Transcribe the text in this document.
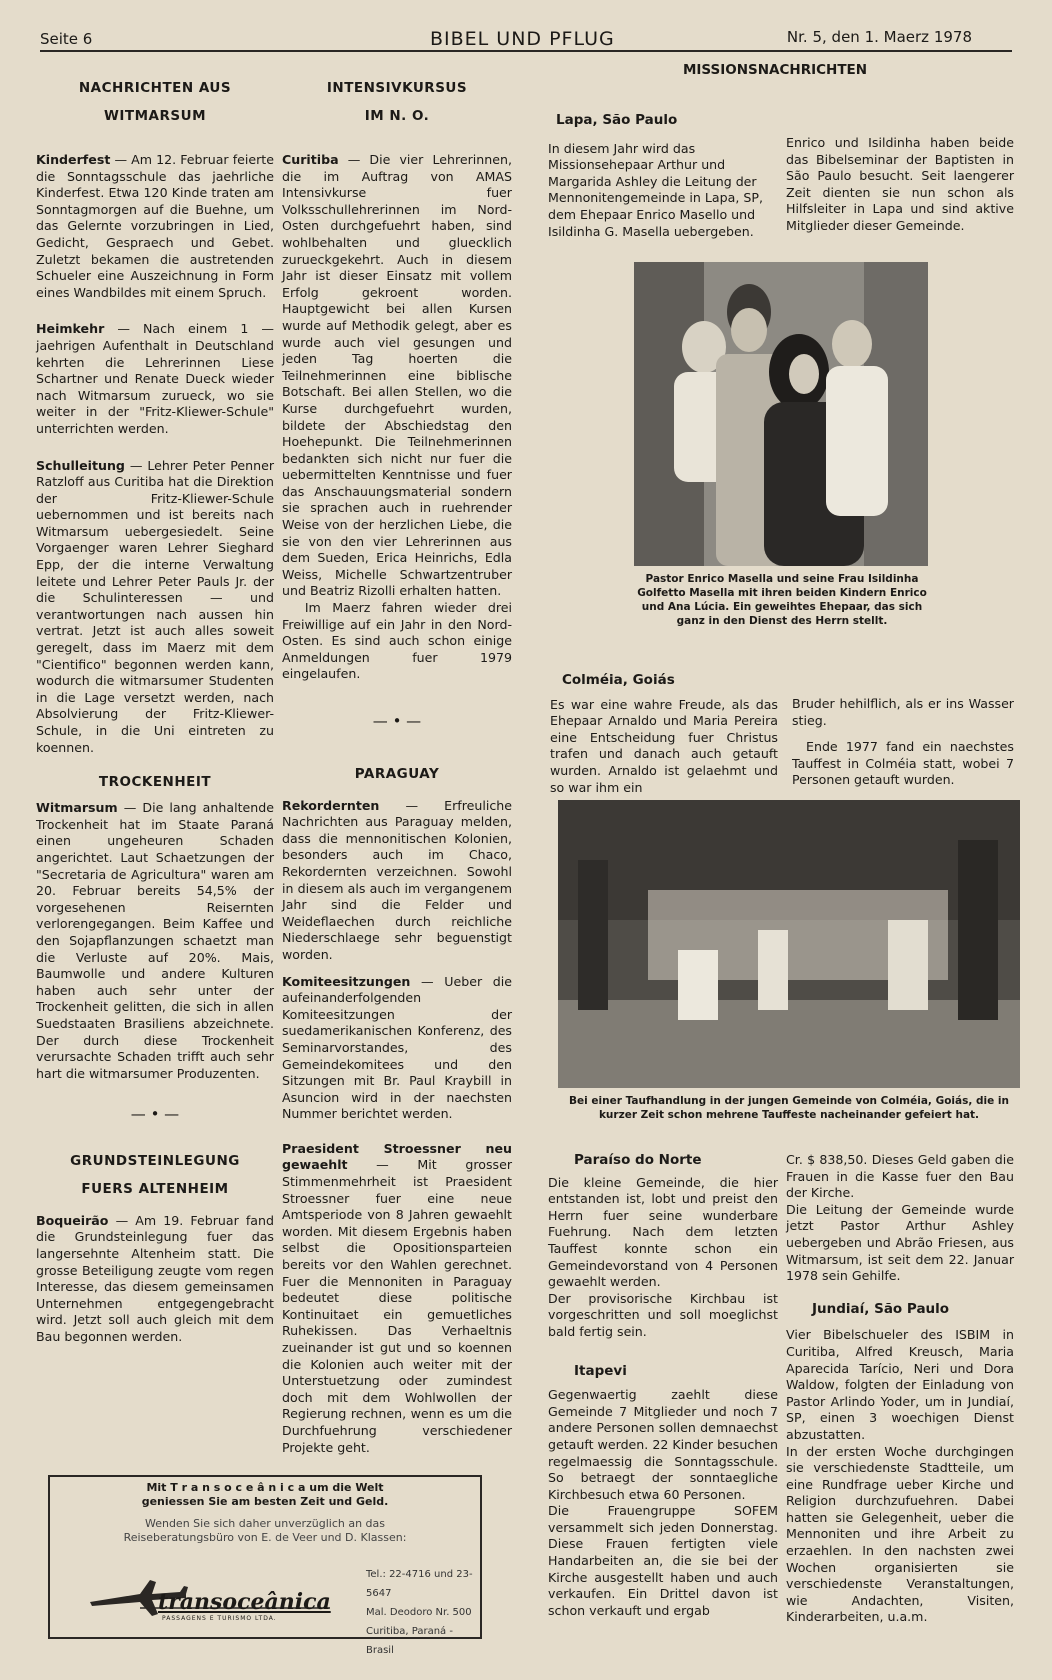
Seite 6	BIBEL UND PFLUG	Nr. 5, den 1. Maerz 1978
NACHRICHTEN AUS
WITMARSUM

Kinderfest — Am 12. Februar feierte die Sonntagsschule das jaehrliche Kinderfest. Etwa 120 Kinde traten am Sonntagmorgen auf die Buehne, um das Gelernte vorzubringen in Lied, Gedicht, Gespraech und Gebet. Zuletzt bekamen die austretenden Schueler eine Auszeichnung in Form eines Wandbildes mit einem Spruch.

Heimkehr — Nach einem 1 — jaehrigen Aufenthalt in Deutschland kehrten die Lehrerinnen Liese Schartner und Renate Dueck wieder nach Witmarsum zurueck, wo sie weiter in der "Fritz-Kliewer-Schule" unterrichten werden.

Schulleitung — Lehrer Peter Penner Ratzloff aus Curitiba hat die Direktion der Fritz-Kliewer-Schule uebernommen und ist bereits nach Witmarsum uebergesiedelt. Seine Vorgaenger waren Lehrer Sieghard Epp, der die interne Verwaltung leitete und Lehrer Peter Pauls Jr. der die Schulinteressen — und verantwortungen nach aussen hin vertrat. Jetzt ist auch alles soweit geregelt, dass im Maerz mit dem "Cientifico" begonnen werden kann, wodurch die witmarsumer Studenten in die Lage versetzt werden, nach Absolvierung der Fritz-Kliewer-Schule, in die Uni eintreten zu koennen.

TROCKENHEIT

Witmarsum — Die lang anhaltende Trockenheit hat im Staate Paraná einen ungeheuren Schaden angerichtet. Laut Schaetzungen der "Secretaria de Agricultura" waren am 20. Februar bereits 54,5% der vorgesehenen Reisernten verlorengegangen. Beim Kaffee und den Sojapflanzungen schaetzt man die Verluste auf 20%. Mais, Baumwolle und andere Kulturen haben auch sehr unter der Trockenheit gelitten, die sich in allen Suedstaaten Brasiliens abzeichnete. Der durch diese Trockenheit verursachte Schaden trifft auch sehr hart die witmarsumer Produzenten.

— • —
GRUNDSTEINLEGUNG
FUERS ALTENHEIM

Boqueirão — Am 19. Februar fand die Grundsteinlegung fuer das langersehnte Altenheim statt. Die grosse Beteiligung zeugte vom regen Interesse, das diesem gemeinsamen Unternehmen entgegengebracht wird. Jetzt soll auch gleich mit dem Bau begonnen werden.

INTENSIVKURSUS
IM N. O.

Curitiba — Die vier Lehrerinnen, die im Auftrag von AMAS Intensivkurse fuer Volksschullehrerinnen im Nord-Osten durchgefuehrt haben, sind wohlbehalten und gluecklich zurueckgekehrt. Auch in diesem Jahr ist dieser Einsatz mit vollem Erfolg gekroent worden. Hauptgewicht bei allen Kursen wurde auf Methodik gelegt, aber es wurde auch viel gesungen und jeden Tag hoerten die Teilnehmerinnen eine biblische Botschaft. Bei allen Stellen, wo die Kurse durchgefuehrt wurden, bildete der Abschiedstag den Hoehepunkt. Die Teilnehmerinnen bedankten sich nicht nur fuer die uebermittelten Kenntnisse und fuer das Anschauungsmaterial sondern sie sprachen auch in ruehrender Weise von der herzlichen Liebe, die sie von den vier Lehrerinnen aus dem Sueden, Erica Heinrichs, Edla Weiss, Michelle Schwartzentruber und Beatriz Rizolli erhalten hatten.

Im Maerz fahren wieder drei Freiwillige auf ein Jahr in den Nord-Osten. Es sind auch schon einige Anmeldungen fuer 1979 eingelaufen.

— • —
PARAGUAY

Rekordernten — Erfreuliche Nachrichten aus Paraguay melden, dass die mennonitischen Kolonien, besonders auch im Chaco, Rekordernten verzeichnen. Sowohl in diesem als auch im vergangenem Jahr sind die Felder und Weideflaechen durch reichliche Niederschlaege sehr beguenstigt worden.

Komiteesitzungen — Ueber die aufeinanderfolgenden Komiteesitzungen der suedamerikanischen Konferenz, des Seminarvorstandes, des Gemeindekomitees und den Sitzungen mit Br. Paul Kraybill in Asuncion wird in der naechsten Nummer berichtet werden.

Praesident Stroessner neu gewaehlt — Mit grosser Stimmenmehrheit ist Praesident Stroessner fuer eine neue Amtsperiode von 8 Jahren gewaehlt worden. Mit diesem Ergebnis haben selbst die Opositionsparteien bereits vor den Wahlen gerechnet. Fuer die Mennoniten in Paraguay bedeutet diese politische Kontinuitaet ein gemuetliches Ruhekissen. Das Verhaeltnis zueinander ist gut und so koennen die Kolonien auch weiter mit der Unterstuetzung oder zumindest doch mit dem Wohlwollen der Regierung rechnen, wenn es um die Durchfuehrung verschiedener Projekte geht.

MISSIONSNACHRICHTEN
Lapa, São Paulo

In diesem Jahr wird das Missionsehepaar Arthur und Margarida Ashley die Leitung der Mennonitengemeinde in Lapa, SP, dem Ehepaar Enrico Masello und Isildinha G. Masella uebergeben.

Enrico und Isildinha haben beide das Bibelseminar der Baptisten in São Paulo besucht. Seit laengerer Zeit dienten sie nun schon als Hilfsleiter in Lapa und sind aktive Mitglieder dieser Gemeinde.

Pastor Enrico Masella und seine Frau Isildinha Golfetto Masella mit ihren beiden Kindern Enrico und Ana Lúcia. Ein geweihtes Ehepaar, das sich ganz in den Dienst des Herrn stellt.
Colméia, Goiás

Es war eine wahre Freude, als das Ehepaar Arnaldo und Maria Pereira eine Entscheidung fuer Christus trafen und danach auch getauft wurden. Arnaldo ist gelaehmt und so war ihm ein

Bruder hehilflich, als er ins Wasser stieg.

Ende 1977 fand ein naechstes Tauffest in Colméia statt, wobei 7 Personen getauft wurden.

Bei einer Taufhandlung in der jungen Gemeinde von Colméia, Goiás, die in kurzer Zeit schon mehrene Tauffeste nacheinander gefeiert hat.
Paraíso do Norte

Die kleine Gemeinde, die hier entstanden ist, lobt und preist den Herrn fuer seine wunderbare Fuehrung. Nach dem letzten Tauffest konnte schon ein Gemeindevorstand von 4 Personen gewaehlt werden.

Der provisorische Kirchbau ist vorgeschritten und soll moeglichst bald fertig sein.

Itapevi

Gegenwaertig zaehlt diese Gemeinde 7 Mitglieder und noch 7 andere Personen sollen demnaechst getauft werden. 22 Kinder besuchen regelmaessig die Sonntagsschule. So betraegt der sonntaegliche Kirchbesuch etwa 60 Personen.

Die Frauengruppe SOFEM versammelt sich jeden Donnerstag. Diese Frauen fertigten viele Handarbeiten an, die sie bei der Kirche ausgestellt haben und auch verkaufen. Ein Drittel davon ist schon verkauft und ergab

Cr. $ 838,50. Dieses Geld gaben die Frauen in die Kasse fuer den Bau der Kirche.

Die Leitung der Gemeinde wurde jetzt Pastor Arthur Ashley uebergeben und Abrão Friesen, aus Witmarsum, ist seit dem 22. Januar 1978 sein Gehilfe.

Jundiaí, São Paulo

Vier Bibelschueler des ISBIM in Curitiba, Alfred Kreusch, Maria Aparecida Tarício, Neri und Dora Waldow, folgten der Einladung von Pastor Arlindo Yoder, um in Jundiaí, SP, einen 3 woechigen Dienst abzustatten.

In der ersten Woche durchgingen sie verschiedenste Stadtteile, um eine Rundfrage ueber Kirche und Religion durchzufuehren. Dabei hatten sie Gelegenheit, ueber die Mennoniten und ihre Arbeit zu erzaehlen. In den nachsten zwei Wochen organisierten sie verschiedenste Veranstaltungen, wie Andachten, Visiten, Kinderarbeiten, u.a.m.

Mit T r a n s o c e â n i c a um die Welt
geniessen Sie am besten Zeit und Geld.
Wenden Sie sich daher unverzüglich an das
Reiseberatungsbüro von E. de Veer und D. Klassen:
transoceânica
PASSAGENS E TURISMO LTDA.
Tel.: 22-4716 und 23-5647
Mal. Deodoro Nr. 500
Curitiba, Paraná - Brasil
